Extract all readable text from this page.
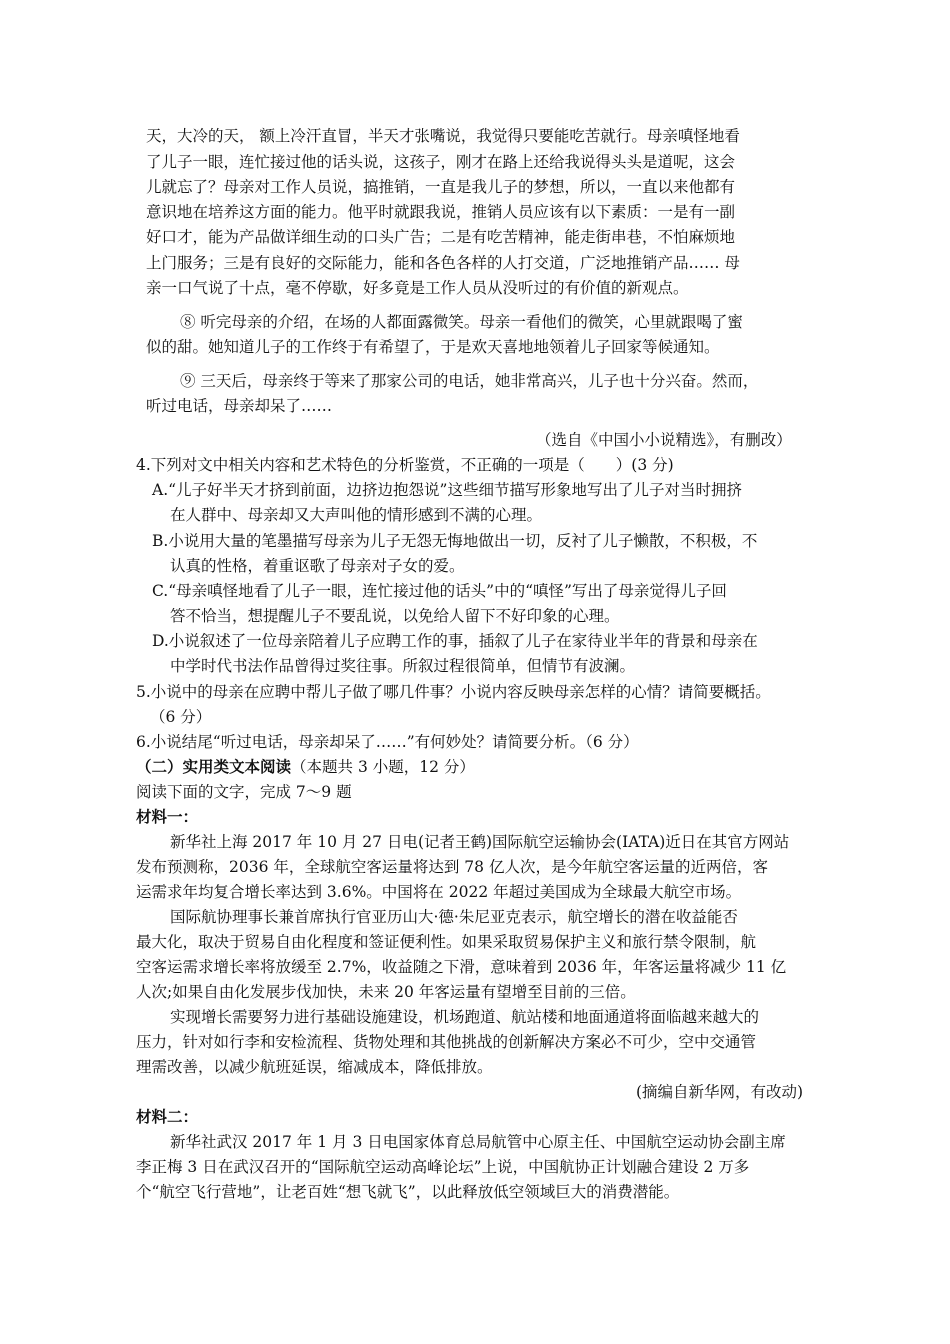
天，大冷的天， 额上冷汗直冒，半天才张嘴说，我觉得只要能吃苦就行。母亲嗔怪地看
了儿子一眼，连忙接过他的话头说，这孩子，刚才在路上还给我说得头头是道呢，这会
儿就忘了？母亲对工作人员说，搞推销，一直是我儿子的梦想，所以，一直以来他都有
意识地在培养这方面的能力。他平时就跟我说，推销人员应该有以下素质：一是有一副
好口才，能为产品做详细生动的口头广告；二是有吃苦精神，能走街串巷，不怕麻烦地
上门服务；三是有良好的交际能力，能和各色各样的人打交道，广泛地推销产品…… 母
亲一口气说了十点，毫不停歇，好多竟是工作人员从没听过的有价值的新观点。
⑧ 听完母亲的介绍，在场的人都面露微笑。母亲一看他们的微笑，心里就跟喝了蜜
似的甜。她知道儿子的工作终于有希望了，于是欢天喜地地领着儿子回家等候通知。
⑨ 三天后，母亲终于等来了那家公司的电话，她非常高兴，儿子也十分兴奋。然而，
听过电话，母亲却呆了……
（选自《中国小小说精选》，有删改）
4.下列对文中相关内容和艺术特色的分析鉴赏，不正确的一项是（　　）(3 分)
A.“儿子好半天才挤到前面，边挤边抱怨说”这些细节描写形象地写出了儿子对当时拥挤
在人群中、母亲却又大声叫他的情形感到不满的心理。
B.小说用大量的笔墨描写母亲为儿子无怨无悔地做出一切，反衬了儿子懒散，不积极，不
认真的性格，着重讴歌了母亲对子女的爱。
C.“母亲嗔怪地看了儿子一眼，连忙接过他的话头”中的“嗔怪”写出了母亲觉得儿子回
答不恰当，想提醒儿子不要乱说，以免给人留下不好印象的心理。
D.小说叙述了一位母亲陪着儿子应聘工作的事，插叙了儿子在家待业半年的背景和母亲在
中学时代书法作品曾得过奖往事。所叙过程很简单，但情节有波澜。
5.小说中的母亲在应聘中帮儿子做了哪几件事？小说内容反映母亲怎样的心情？请简要概括。
（6 分）
6.小说结尾“听过电话，母亲却呆了……”有何妙处？请简要分析。（6 分）
（二）实用类文本阅读（本题共 3 小题，12 分）
阅读下面的文字，完成 7～9 题
材料一：
新华社上海 2017 年 10 月 27 日电(记者王鹤)国际航空运输协会(IATA)近日在其官方网站
发布预测称，2036 年，全球航空客运量将达到 78 亿人次，是今年航空客运量的近两倍，客
运需求年均复合增长率达到 3.6%。中国将在 2022 年超过美国成为全球最大航空市场。
国际航协理事长兼首席执行官亚历山大·德·朱尼亚克表示，航空增长的潜在收益能否
最大化，取决于贸易自由化程度和签证便利性。如果采取贸易保护主义和旅行禁令限制，航
空客运需求增长率将放缓至 2.7%，收益随之下滑，意味着到 2036 年，年客运量将减少 11 亿
人次;如果自由化发展步伐加快，未来 20 年客运量有望增至目前的三倍。
实现增长需要努力进行基础设施建设，机场跑道、航站楼和地面通道将面临越来越大的
压力，针对如行李和安检流程、货物处理和其他挑战的创新解决方案必不可少，空中交通管
理需改善，以减少航班延误，缩减成本，降低排放。
(摘编自新华网，有改动)
材料二：
新华社武汉 2017 年 1 月 3 日电国家体育总局航管中心原主任、中国航空运动协会副主席
李正梅 3 日在武汉召开的“国际航空运动高峰论坛”上说，中国航协正计划融合建设 2 万多
个“航空飞行营地”，让老百姓“想飞就飞”，以此释放低空领域巨大的消费潜能。
